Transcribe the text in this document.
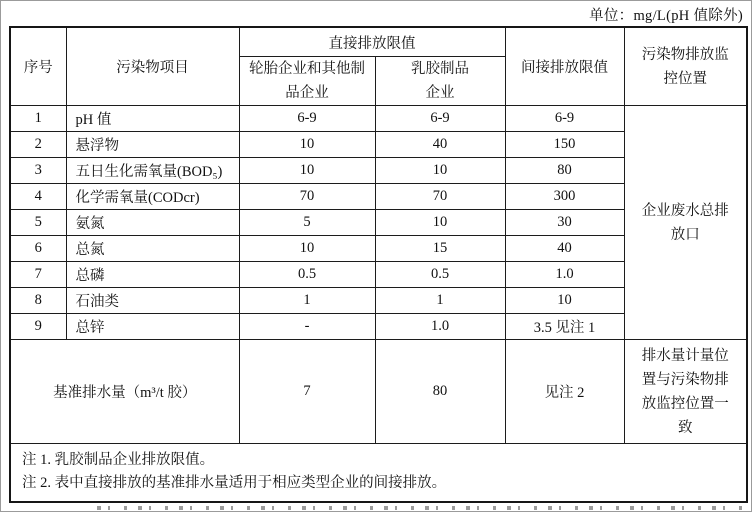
单位：mg/L(pH 值除外)
序号	污染物项目	直接排放限值		间接排放限值	污染物排放监控位置

		轮胎企业和其他制品企业	乳胶制品企业		

1	pH 值	6-9	6-9	6-9	企业废水总排放口

2	悬浮物	10	40	150	
3	五日生化需氧量(BOD₅)	10	10	80	
4	化学需氧量(CODcr)	70	70	300	
5	氨氮	5	10	30	
6	总氮	10	15	40	
7	总磷	0.5	0.5	1.0	
8	石油类	1	1	10	
9	总锌	-	1.0	3.5 见注 1	
基准排水量（m³/t 胶）		7	80	见注 2	排水量计量位置与污染物排放监控位置一致

注 1. 乳胶制品企业排放限值。
注 2. 表中直接排放的基准排水量适用于相应类型企业的间接排放。					
